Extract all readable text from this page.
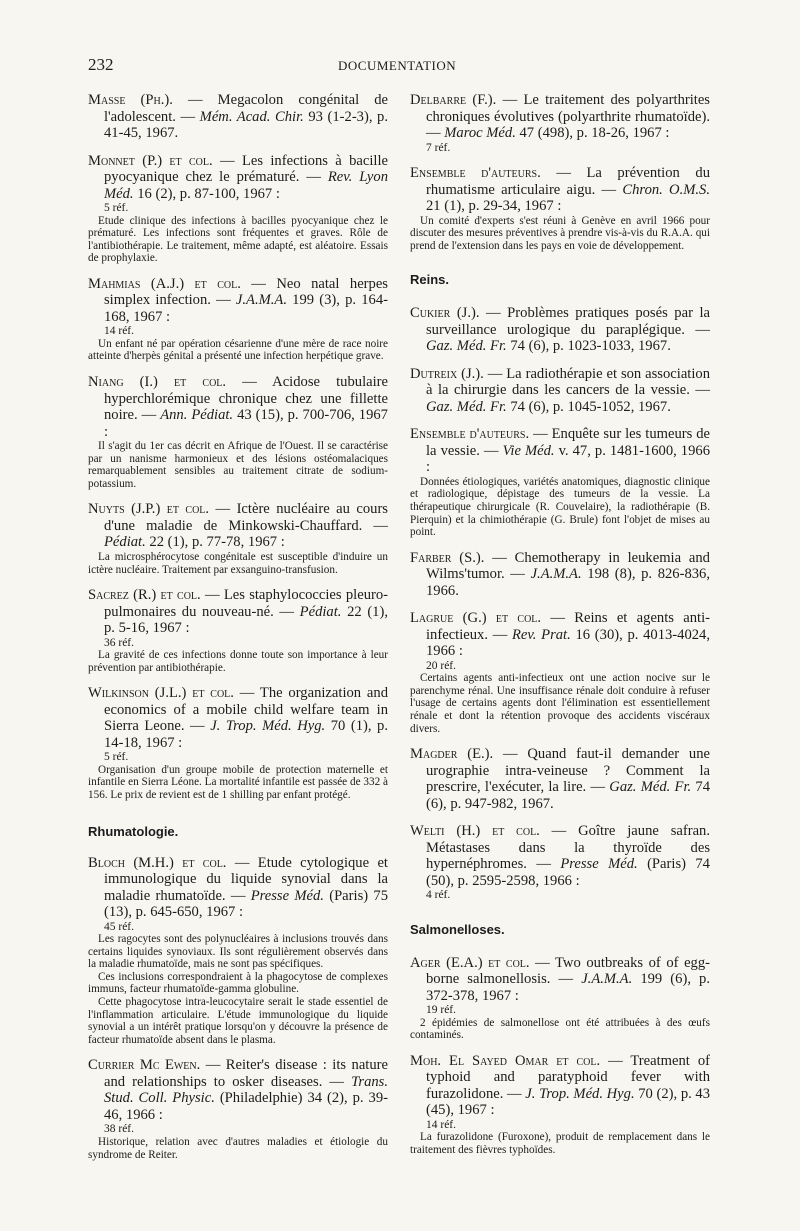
232	DOCUMENTATION

Masse (Ph.). — Megacolon congénital de l'adolescent. — Mém. Acad. Chir. 93 (1-2-3), p. 41-45, 1967.

Monnet (P.) et col. — Les infections à bacille pyocyanique chez le prématuré. — Rev. Lyon Méd. 16 (2), p. 87-100, 1967 :

5 réf.

Etude clinique des infections à bacilles pyocyanique chez le prématuré. Les infections sont fréquentes et graves. Rôle de l'antibiothérapie. Le traitement, même adapté, est aléatoire. Essais de prophylaxie.

Mahmias (A.J.) et col. — Neo natal herpes simplex infection. — J.A.M.A. 199 (3), p. 164-168, 1967 :

14 réf.

Un enfant né par opération césarienne d'une mère de race noire atteinte d'herpès génital a présenté une infection herpétique grave.

Niang (I.) et col. — Acidose tubulaire hyperchlorémique chronique chez une fillette noire. — Ann. Pédiat. 43 (15), p. 700-706, 1967 :

Il s'agit du 1er cas décrit en Afrique de l'Ouest. Il se caractérise par un nanisme harmonieux et des lésions ostéomalaciques remarquablement sensibles au traitement citrate de sodium-potassium.

Nuyts (J.P.) et col. — Ictère nucléaire au cours d'une maladie de Minkowski-Chauffard. — Pédiat. 22 (1), p. 77-78, 1967 :

La microsphérocytose congénitale est susceptible d'induire un ictère nucléaire. Traitement par exsanguino-transfusion.

Sacrez (R.) et col. — Les staphylococcies pleuro-pulmonaires du nouveau-né. — Pédiat. 22 (1), p. 5-16, 1967 :

36 réf.

La gravité de ces infections donne toute son importance à leur prévention par antibiothérapie.

Wilkinson (J.L.) et col. — The organization and economics of a mobile child welfare team in Sierra Leone. — J. Trop. Méd. Hyg. 70 (1), p. 14-18, 1967 :

5 réf.

Organisation d'un groupe mobile de protection maternelle et infantile en Sierra Léone. La mortalité infantile est passée de 332 à 156. Le prix de revient est de 1 shilling par enfant protégé.

Rhumatologie.

Bloch (M.H.) et col. — Etude cytologique et immunologique du liquide synovial dans la maladie rhumatoïde. — Presse Méd. (Paris) 75 (13), p. 645-650, 1967 :

45 réf.

Les ragocytes sont des polynucléaires à inclusions trouvés dans certains liquides synoviaux. Ils sont régulièrement observés dans la maladie rhumatoïde, mais ne sont pas spécifiques.

Ces inclusions correspondraient à la phagocytose de complexes immuns, facteur rhumatoïde-gamma globuline.

Cette phagocytose intra-leucocytaire serait le stade essentiel de l'inflammation articulaire. L'étude immunologique du liquide synovial a un intérêt pratique lorsqu'on y découvre la présence de facteur rhumatoïde absent dans le plasma.

Currier Mc Ewen. — Reiter's disease : its nature and relationships to osker diseases. — Trans. Stud. Coll. Physic. (Philadelphie) 34 (2), p. 39-46, 1966 :

38 réf.

Historique, relation avec d'autres maladies et étiologie du syndrome de Reiter.

Delbarre (F.). — Le traitement des polyarthrites chroniques évolutives (polyarthrite rhumatoïde). — Maroc Méd. 47 (498), p. 18-26, 1967 :

7 réf.

Ensemble d'auteurs. — La prévention du rhumatisme articulaire aigu. — Chron. O.M.S. 21 (1), p. 29-34, 1967 :

Un comité d'experts s'est réuni à Genève en avril 1966 pour discuter des mesures préventives à prendre vis-à-vis du R.A.A. qui prend de l'extension dans les pays en voie de développement.

Reins.

Cukier (J.). — Problèmes pratiques posés par la surveillance urologique du paraplégique. — Gaz. Méd. Fr. 74 (6), p. 1023-1033, 1967.

Dutreix (J.). — La radiothérapie et son association à la chirurgie dans les cancers de la vessie. — Gaz. Méd. Fr. 74 (6), p. 1045-1052, 1967.

Ensemble d'auteurs. — Enquête sur les tumeurs de la vessie. — Vie Méd. v. 47, p. 1481-1600, 1966 :

Données étiologiques, variétés anatomiques, diagnostic clinique et radiologique, dépistage des tumeurs de la vessie. La thérapeutique chirurgicale (R. Couvelaire), la radiothérapie (B. Pierquin) et la chimiothérapie (G. Brule) font l'objet de mises au point.

Farber (S.). — Chemotherapy in leukemia and Wilms'tumor. — J.A.M.A. 198 (8), p. 826-836, 1966.

Lagrue (G.) et col. — Reins et agents anti-infectieux. — Rev. Prat. 16 (30), p. 4013-4024, 1966 :

20 réf.

Certains agents anti-infectieux ont une action nocive sur le parenchyme rénal. Une insuffisance rénale doit conduire à refuser l'usage de certains agents dont l'élimination est essentiellement rénale et dont la rétention provoque des accidents viscéraux divers.

Magder (E.). — Quand faut-il demander une urographie intra-veineuse ? Comment la prescrire, l'exécuter, la lire. — Gaz. Méd. Fr. 74 (6), p. 947-982, 1967.

Welti (H.) et col. — Goître jaune safran. Métastases dans la thyroïde des hypernéphromes. — Presse Méd. (Paris) 74 (50), p. 2595-2598, 1966 :

4 réf.
Salmonelloses.

Ager (E.A.) et col. — Two outbreaks of of egg-borne salmonellosis. — J.A.M.A. 199 (6), p. 372-378, 1967 :

19 réf.

2 épidémies de salmonellose ont été attribuées à des œufs contaminés.

Moh. El Sayed Omar et col. — Treatment of typhoid and paratyphoid fever with furazolidone. — J. Trop. Méd. Hyg. 70 (2), p. 43 (45), 1967 :

14 réf.

La furazolidone (Furoxone), produit de remplacement dans le traitement des fièvres typhoïdes.
